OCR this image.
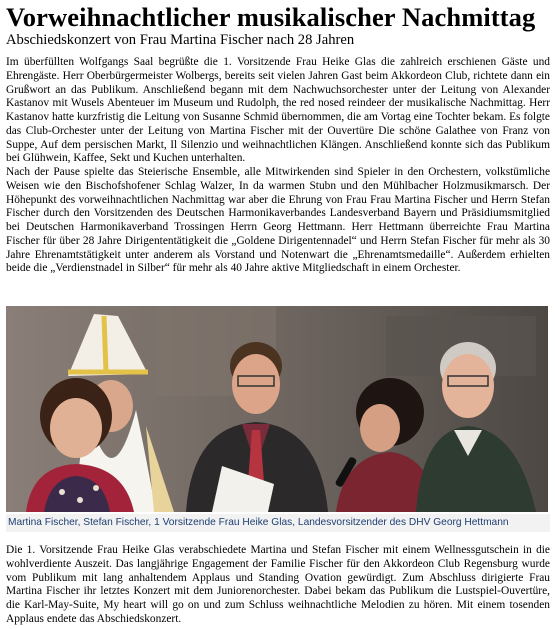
Vorweihnachtlicher musikalischer Nachmittag
Abschiedskonzert von Frau Martina Fischer nach 28 Jahren

Im überfüllten Wolfgangs Saal begrüßte die 1. Vorsitzende Frau Heike Glas die zahlreich erschienen Gäste und Ehrengäste. Herr Oberbürgermeister Wolbergs, bereits seit vielen Jahren Gast beim Akkordeon Club, richtete dann ein Grußwort an das Publikum. Anschließend begann mit dem Nachwuchsorchester unter der Leitung von Alexander Kastanov mit Wusels Abenteuer im Museum und Rudolph, the red nosed reindeer der musikalische Nachmittag. Herr Kastanov hatte kurzfristig die Leitung von Susanne Schmid übernommen, die am Vortag eine Tochter bekam. Es folgte das Club-Orchester unter der Leitung von Martina Fischer mit der Ouvertüre Die schöne Galathee von Franz von Suppe, Auf dem persischen Markt, Il Silenzio und weihnachtlichen Klängen. Anschließend konnte sich das Publikum bei Glühwein, Kaffee, Sekt und Kuchen unterhalten.

Nach der Pause spielte das Steierische Ensemble, alle Mitwirkenden sind Spieler in den Orchestern, volkstümliche Weisen wie den Bischofshofener Schlag Walzer, In da warmen Stubn und den Mühlbacher Holzmusikmarsch. Der Höhepunkt des vorweihnachtlichen Nachmittag war aber die Ehrung von Frau Frau Martina Fischer und Herrn Stefan Fischer durch den Vorsitzenden des Deutschen Harmonikaverbandes Landesverband Bayern und Präsidiumsmitglied bei Deutschen Harmonikaverband Trossingen Herrn Georg Hettmann. Herr Hettmann überreichte Frau Martina Fischer für über 28 Jahre Dirigententätigkeit die „Goldene Dirigentennadel“ und Herrn Stefan Fischer für mehr als 30 Jahre Ehrenamtstätigkeit unter anderem als Vorstand und Notenwart die „Ehrenamtsmedaille“. Außerdem erhielten beide die „Verdienstnadel in Silber“ für mehr als 40 Jahre aktive Mitgliedschaft in einem Orchester.

Martina Fischer, Stefan Fischer, 1 Vorsitzende Frau Heike Glas, Landesvorsitzender des DHV Georg Hettmann

Die 1. Vorsitzende Frau Heike Glas verabschiedete Martina und Stefan Fischer mit einem Wellnessgutschein in die wohlverdiente Auszeit. Das langjährige Engagement der Familie Fischer für den Akkordeon Club Regensburg wurde vom Publikum mit lang anhaltendem Applaus und Standing Ovation gewürdigt. Zum Abschluss dirigierte Frau Martina Fischer ihr letztes Konzert mit dem Juniorenorchester. Dabei bekam das Publikum die Lustspiel-Ouvertüre, die Karl-May-Suite, My heart will go on und zum Schluss weihnachtliche Melodien zu hören. Mit einem tosenden Applaus endete das Abschiedskonzert.
